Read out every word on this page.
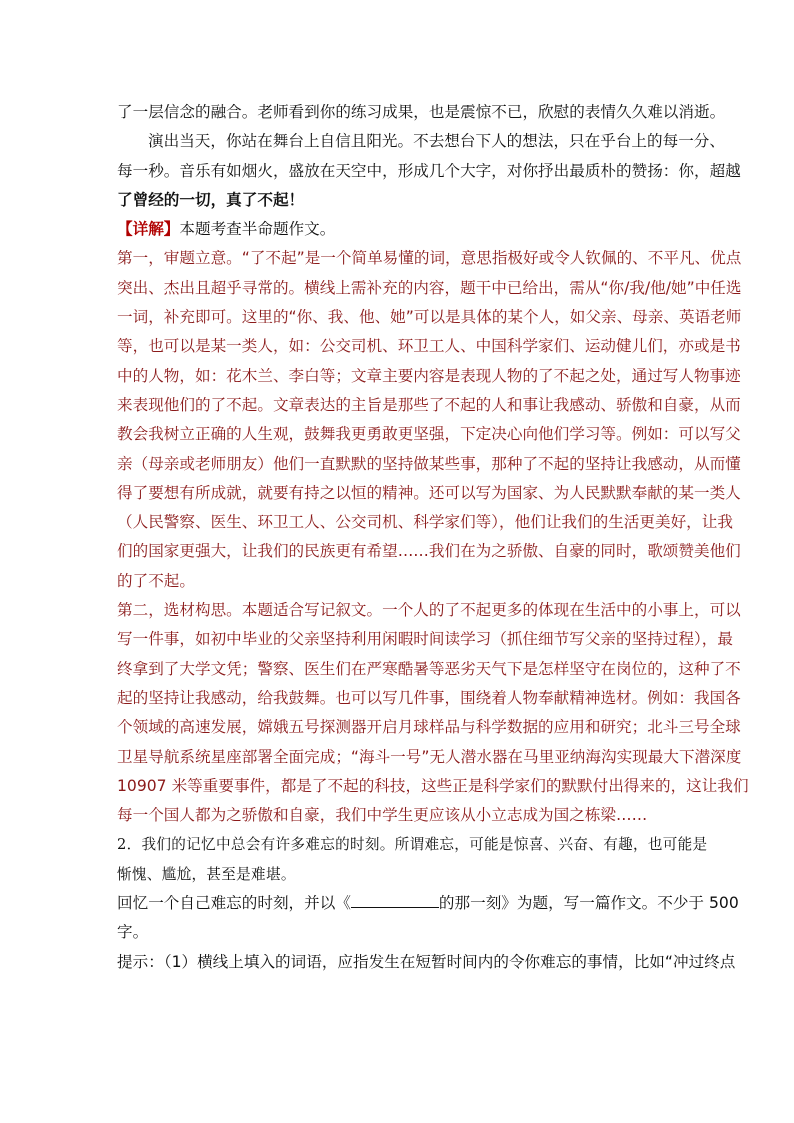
了一层信念的融合。老师看到你的练习成果，也是震惊不已，欣慰的表情久久难以消逝。
演出当天，你站在舞台上自信且阳光。不去想台下人的想法，只在乎台上的每一分、
每一秒。音乐有如烟火，盛放在天空中，形成几个大字，对你抒出最质朴的赞扬：你，超越
了曾经的一切，真了不起！
【详解】本题考查半命题作文。
第一，审题立意。“了不起”是一个简单易懂的词，意思指极好或令人钦佩的、不平凡、优点
突出、杰出且超乎寻常的。横线上需补充的内容，题干中已给出，需从“你/我/他/她”中任选
一词，补充即可。这里的“你、我、他、她”可以是具体的某个人，如父亲、母亲、英语老师
等，也可以是某一类人，如：公交司机、环卫工人、中国科学家们、运动健儿们，亦或是书
中的人物，如：花木兰、李白等；文章主要内容是表现人物的了不起之处，通过写人物事迹
来表现他们的了不起。文章表达的主旨是那些了不起的人和事让我感动、骄傲和自豪，从而
教会我树立正确的人生观，鼓舞我更勇敢更坚强，下定决心向他们学习等。例如：可以写父
亲（母亲或老师朋友）他们一直默默的坚持做某些事，那种了不起的坚持让我感动，从而懂
得了要想有所成就，就要有持之以恒的精神。还可以写为国家、为人民默默奉献的某一类人
（人民警察、医生、环卫工人、公交司机、科学家们等），他们让我们的生活更美好，让我
们的国家更强大，让我们的民族更有希望……我们在为之骄傲、自豪的同时，歌颂赞美他们
的了不起。
第二，选材构思。本题适合写记叙文。一个人的了不起更多的体现在生活中的小事上，可以
写一件事，如初中毕业的父亲坚持利用闲暇时间读学习（抓住细节写父亲的坚持过程），最
终拿到了大学文凭；警察、医生们在严寒酷暑等恶劣天气下是怎样坚守在岗位的，这种了不
起的坚持让我感动，给我鼓舞。也可以写几件事，围绕着人物奉献精神选材。例如：我国各
个领域的高速发展，嫦娥五号探测器开启月球样品与科学数据的应用和研究；北斗三号全球
卫星导航系统星座部署全面完成；“海斗一号”无人潜水器在马里亚纳海沟实现最大下潜深度
10907 米等重要事件，都是了不起的科技，这些正是科学家们的默默付出得来的，这让我们
每一个国人都为之骄傲和自豪，我们中学生更应该从小立志成为国之栋梁……
2．我们的记忆中总会有许多难忘的时刻。所谓难忘，可能是惊喜、兴奋、有趣，也可能是
惭愧、尴尬，甚至是难堪。
回忆一个自己难忘的时刻，并以《	的那一刻》为题，写一篇作文。不少于 500
字。
提示：（1）横线上填入的词语，应指发生在短暂时间内的令你难忘的事情，比如“冲过终点
